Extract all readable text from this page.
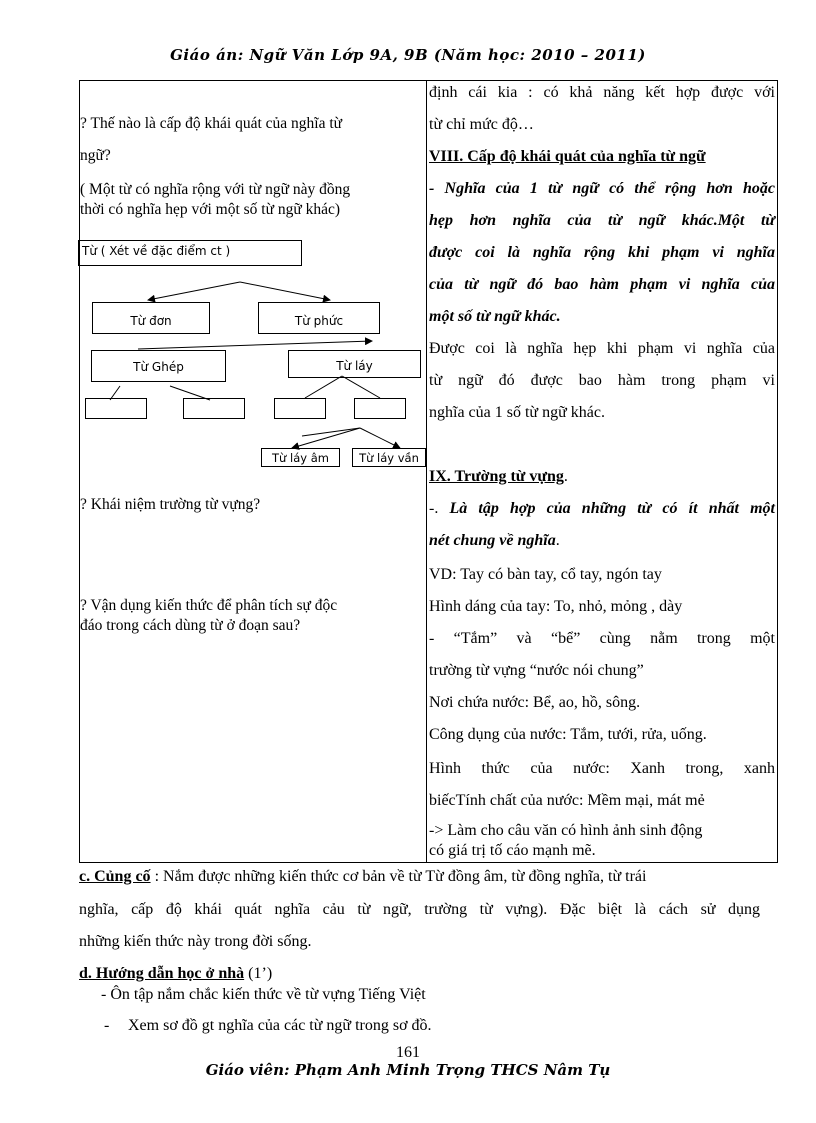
Giáo án: Ngữ Văn Lớp 9A, 9B (Năm học: 2010 – 2011)
? Thế nào là cấp độ khái quát của nghĩa từ
ngữ?
( Một từ có nghĩa rộng với từ ngữ này đồng
thời có nghĩa hẹp với một số từ ngữ khác)
Từ ( Xét về đặc điểm ct )
Từ đơn	Từ phức
Từ Ghép	Từ láy
Từ láy âm	Từ láy vần
? Khái niệm trường từ vựng?
? Vận dụng kiến thức để phân tích sự độc
đáo trong cách dùng từ ở đoạn sau?
định cái kia : có khả năng kết hợp được với
từ chỉ mức độ…
VIII. Cấp độ khái quát của nghĩa từ ngữ
- Nghĩa của 1 từ ngữ có thể rộng hơn hoặc
hẹp hơn nghĩa của từ ngữ khác.Một từ
được coi là nghĩa rộng khi phạm vi nghĩa
của từ ngữ đó bao hàm phạm vi nghĩa của
một số từ ngữ khác.
Được coi là nghĩa hẹp khi phạm vi nghĩa của
từ ngữ đó được bao hàm trong phạm vi
nghĩa của 1 số từ ngữ khác.
IX. Trường từ vựng.
-. Là tập hợp của những từ có ít nhất một
nét chung về nghĩa.
VD: Tay có bàn tay, cổ tay, ngón tay
Hình dáng của tay: To, nhỏ, mỏng , dày
- “Tắm” và “bể” cùng nằm trong một
trường từ vựng “nước nói chung”
Nơi chứa nước: Bể, ao, hồ, sông.
Công dụng của nước: Tắm, tưới, rửa, uống.
Hình thức của nước: Xanh trong, xanh
biếcTính chất của nước: Mềm mại, mát mẻ
-> Làm cho câu văn có hình ảnh sinh động
có giá trị tố cáo mạnh mẽ.
c. Củng cố : Nắm được những kiến thức cơ bản về từ Từ đồng âm, từ đồng nghĩa, từ trái
nghĩa, cấp độ khái quát nghĩa cảu từ ngữ, trường từ vựng). Đặc biệt là cách sử dụng
những kiến thức này trong đời sống.
d. Hướng dẫn học ở nhà (1’)
- Ôn tập nắm chắc kiến thức về từ vựng Tiếng Việt
- Xem sơ đồ gt nghĩa của các từ ngữ trong sơ đồ.
161
Giáo viên: Phạm Anh Minh Trọng THCS Nâm Tụ
